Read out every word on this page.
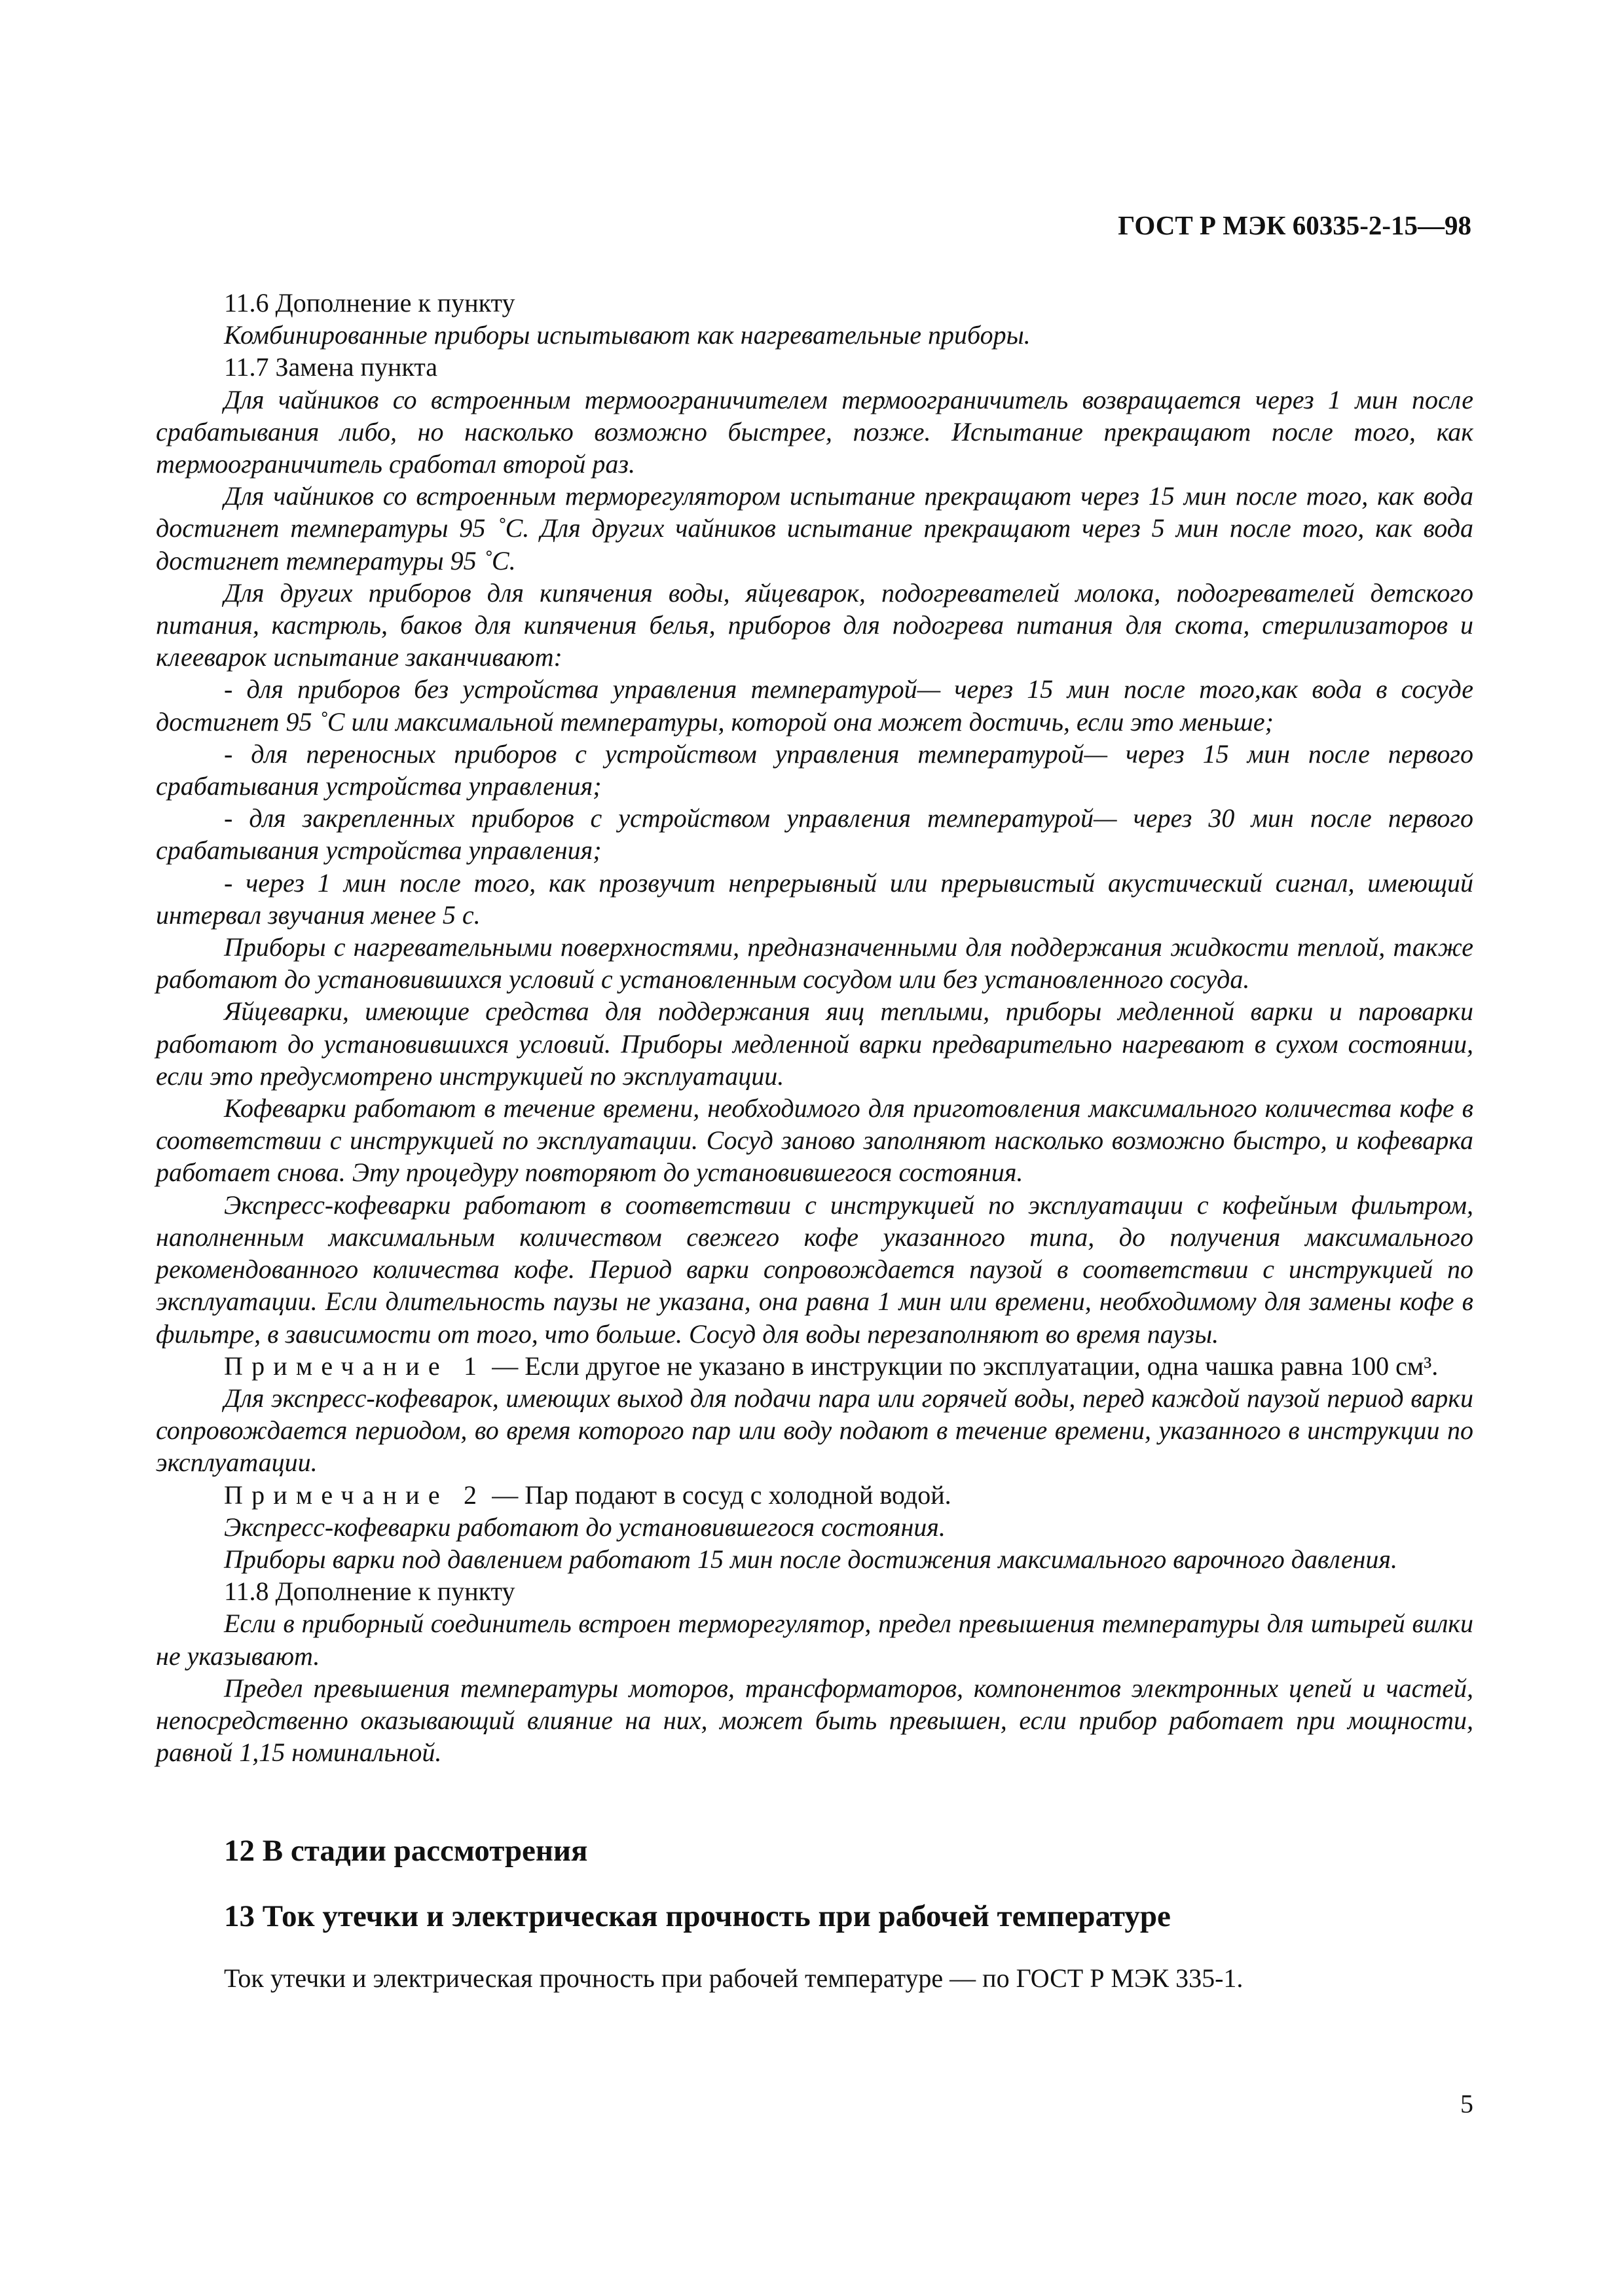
ГОСТ Р МЭК 60335-2-15—98

11.6 Дополнение к пункту

Комбинированные приборы испытывают как нагревательные приборы.

11.7 Замена пункта

Для чайников со встроенным термоограничителем термоограничитель возвращается через 1 мин после срабатывания либо, но насколько возможно быстрее, позже. Испытание прекращают после того, как термоограничитель сработал второй раз.

Для чайников со встроенным терморегулятором испытание прекращают через 15 мин после того, как вода достигнет температуры 95 ˚С. Для других чайников испытание прекращают через 5 мин после того, как вода достигнет температуры 95 ˚С.

Для других приборов для кипячения воды, яйцеварок, подогревателей молока, подогревателей детского питания, кастрюль, баков для кипячения белья, приборов для подогрева питания для скота, стерилизаторов и клееварок испытание заканчивают:

- для приборов без устройства управления температурой— через 15 мин после того,как вода в сосуде достигнет 95 ˚С или максимальной температуры, которой она может достичь, если это меньше;

- для переносных приборов с устройством управления температурой— через 15 мин после первого срабатывания устройства управления;

- для закрепленных приборов с устройством управления температурой— через 30 мин после первого срабатывания устройства управления;

- через 1 мин после того, как прозвучит непрерывный или прерывистый акустический сигнал, имеющий интервал звучания менее 5 с.

Приборы с нагревательными поверхностями, предназначенными для поддержания жидкости теплой, также работают до установившихся условий с установленным сосудом или без установленного сосуда.

Яйцеварки, имеющие средства для поддержания яиц теплыми, приборы медленной варки и пароварки работают до установившихся условий. Приборы медленной варки предварительно нагревают в сухом состоянии, если это предусмотрено инструкцией по эксплуатации.

Кофеварки работают в течение времени, необходимого для приготовления максимального количества кофе в соответствии с инструкцией по эксплуатации. Сосуд заново заполняют насколько возможно быстро, и кофеварка работает снова. Эту процедуру повторяют до установившегося состояния.

Экспресс-кофеварки работают в соответствии с инструкцией по эксплуатации с кофейным фильтром, наполненным максимальным количеством свежего кофе указанного типа, до получения максимального рекомендованного количества кофе. Период варки сопровождается паузой в соответствии с инструкцией по эксплуатации. Если длительность паузы не указана, она равна 1 мин или времени, необходимому для замены кофе в фильтре, в зависимости от того, что больше. Сосуд для воды перезаполняют во время паузы.

Примечание 1 — Если другое не указано в инструкции по эксплуатации, одна чашка равна 100 см³.

Для экспресс-кофеварок, имеющих выход для подачи пара или горячей воды, перед каждой паузой период варки сопровождается периодом, во время которого пар или воду подают в течение времени, указанного в инструкции по эксплуатации.

Примечание 2 — Пар подают в сосуд с холодной водой.

Экспресс-кофеварки работают до установившегося состояния.

Приборы варки под давлением работают 15 мин после достижения максимального варочного давления.

11.8 Дополнение к пункту

Если в приборный соединитель встроен терморегулятор, предел превышения температуры для штырей вилки не указывают.

Предел превышения температуры моторов, трансформаторов, компонентов электронных цепей и частей, непосредственно оказывающий влияние на них, может быть превышен, если прибор работает при мощности, равной 1,15 номинальной.

12 В стадии рассмотрения
13 Ток утечки и электрическая прочность при рабочей температуре

Ток утечки и электрическая прочность при рабочей температуре — по ГОСТ Р МЭК 335-1.

5
